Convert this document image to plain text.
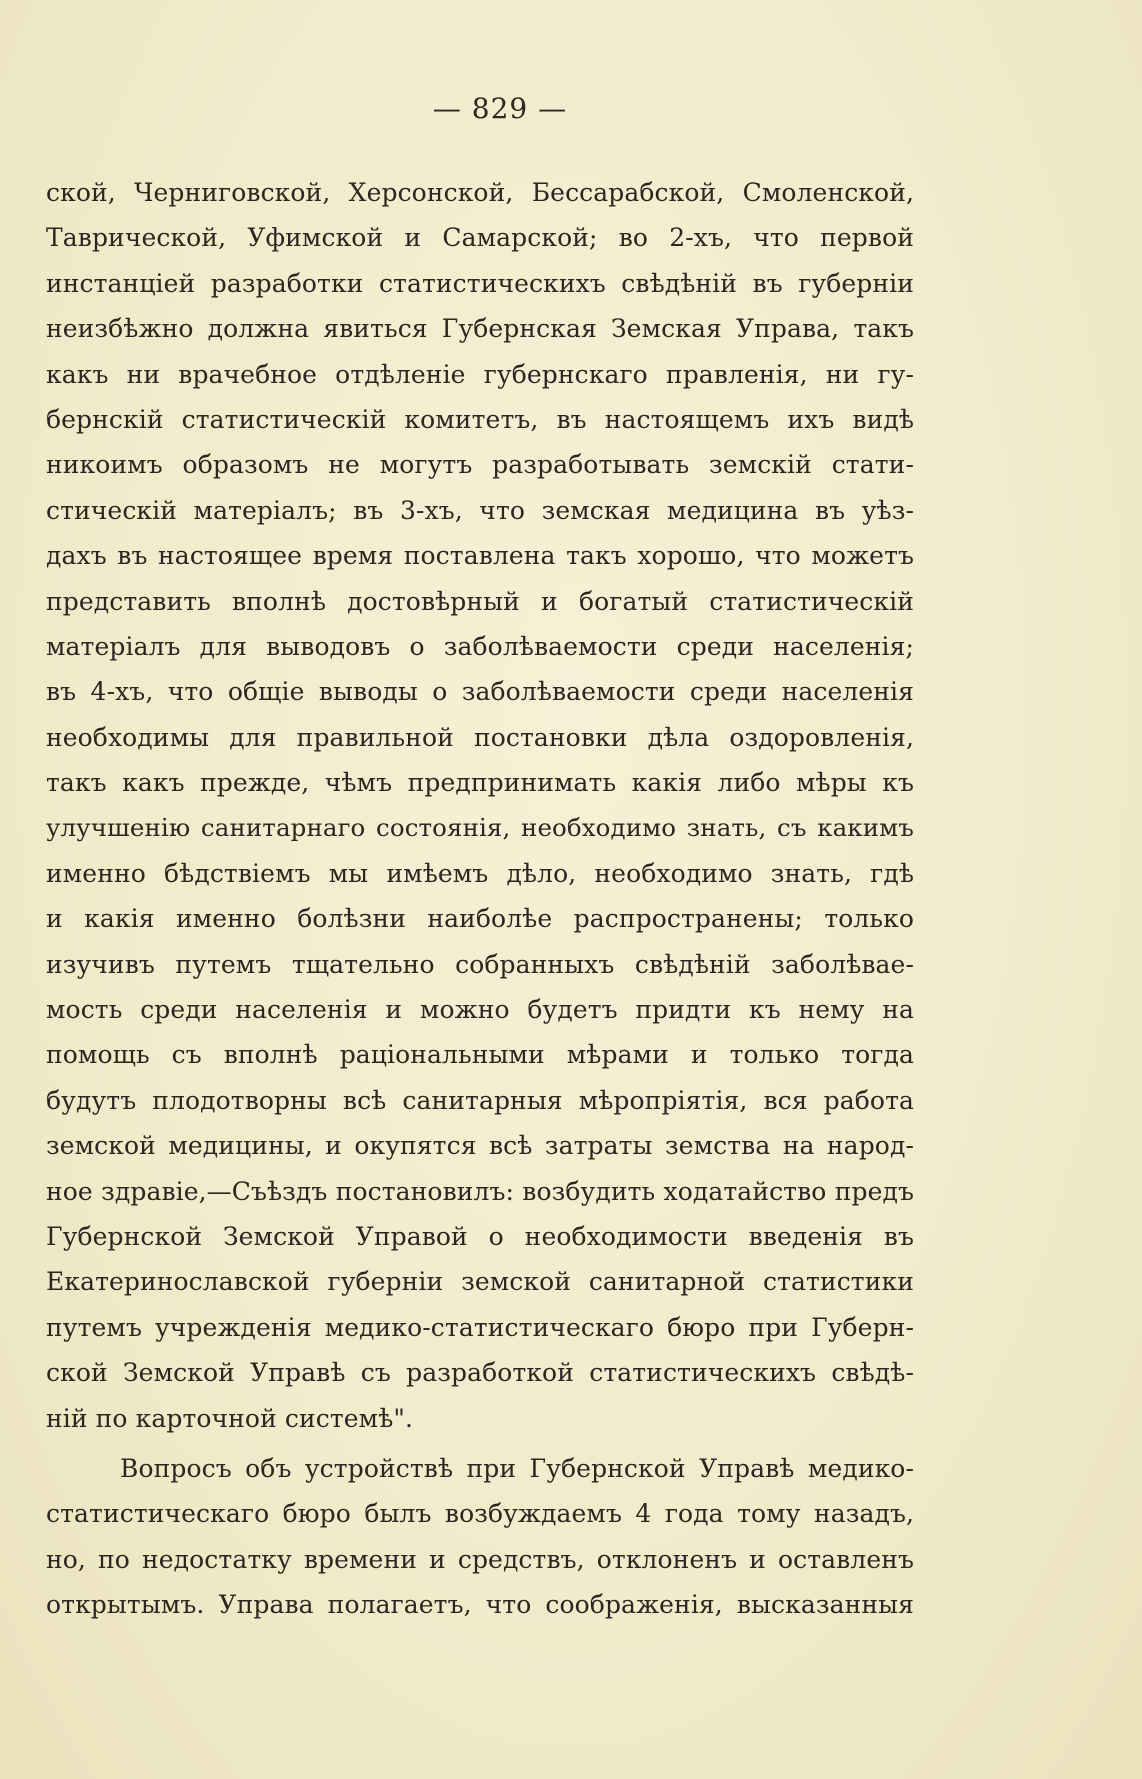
— 829 —
ской, Черниговской, Херсонской, Бессарабской, Смоленской,
Таврической, Уфимской и Самарской; во 2-хъ, что первой
инстанціей разработки статистическихъ свѣдѣній въ губерніи
неизбѣжно должна явиться Губернская Земская Управа, такъ
какъ ни врачебное отдѣленіе губернскаго правленія, ни гу-
бернскій статистическій комитетъ, въ настоящемъ ихъ видѣ
никоимъ образомъ не могутъ разработывать земскій стати-
стическій матеріалъ; въ 3-хъ, что земская медицина въ уѣз-
дахъ въ настоящее время поставлена такъ хорошо, что можетъ
представить вполнѣ достовѣрный и богатый статистическій
матеріалъ для выводовъ о заболѣваемости среди населенія;
въ 4-хъ, что общіе выводы о заболѣваемости среди населенія
необходимы для правильной постановки дѣла оздоровленія,
такъ какъ прежде, чѣмъ предпринимать какія либо мѣры къ
улучшенію санитарнаго состоянія, необходимо знать, съ какимъ
именно бѣдствіемъ мы имѣемъ дѣло, необходимо знать, гдѣ
и какія именно болѣзни наиболѣе распространены; только
изучивъ путемъ тщательно собранныхъ свѣдѣній заболѣвае-
мость среди населенія и можно будетъ придти къ нему на
помощь съ вполнѣ раціональными мѣрами и только тогда
будутъ плодотворны всѣ санитарныя мѣропріятія, вся работа
земской медицины, и окупятся всѣ затраты земства на народ-
ное здравіе,—Съѣздъ постановилъ: возбудить ходатайство предъ
Губернской Земской Управой о необходимости введенія въ
Екатеринославской губерніи земской санитарной статистики
путемъ учрежденія медико-статистическаго бюро при Губерн-
ской Земской Управѣ съ разработкой статистическихъ свѣдѣ-
ній по карточной системѣ".
Вопросъ объ устройствѣ при Губернской Управѣ медико-
статистическаго бюро былъ возбуждаемъ 4 года тому назадъ,
но, по недостатку времени и средствъ, отклоненъ и оставленъ
открытымъ. Управа полагаетъ, что соображенія, высказанныя
